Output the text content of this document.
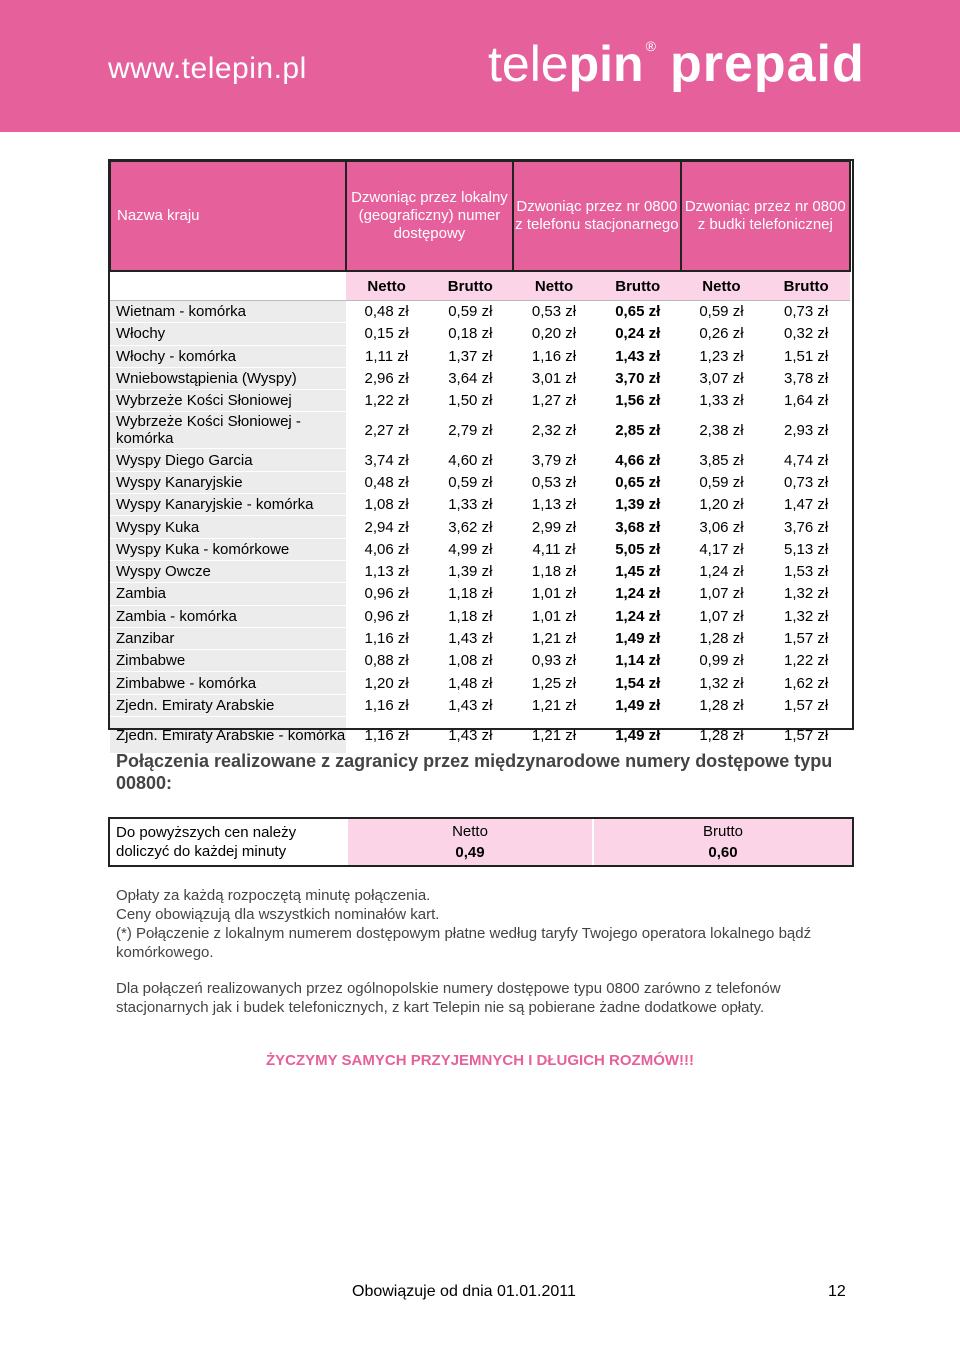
www.telepin.pl	telepin ® prepaid
Nazwa kraju	Dzwoniąc przez lokalny (geograficzny) numer dostępowy		Dzwoniąc przez nr 0800 z telefonu stacjonarnego		Dzwoniąc przez nr 0800 z budki telefonicznej	
	Netto	Brutto	Netto	Brutto	Netto	Brutto
Wietnam - komórka	0,48 zł	0,59 zł	0,53 zł	0,65 zł	0,59 zł	0,73 zł
Włochy	0,15 zł	0,18 zł	0,20 zł	0,24 zł	0,26 zł	0,32 zł
Włochy - komórka	1,11 zł	1,37 zł	1,16 zł	1,43 zł	1,23 zł	1,51 zł
Wniebowstąpienia (Wyspy)	2,96 zł	3,64 zł	3,01 zł	3,70 zł	3,07 zł	3,78 zł
Wybrzeże Kości Słoniowej	1,22 zł	1,50 zł	1,27 zł	1,56 zł	1,33 zł	1,64 zł
Wybrzeże Kości Słoniowej - komórka	2,27 zł	2,79 zł	2,32 zł	2,85 zł	2,38 zł	2,93 zł
Wyspy Diego Garcia	3,74 zł	4,60 zł	3,79 zł	4,66 zł	3,85 zł	4,74 zł
Wyspy Kanaryjskie	0,48 zł	0,59 zł	0,53 zł	0,65 zł	0,59 zł	0,73 zł
Wyspy Kanaryjskie - komórka	1,08 zł	1,33 zł	1,13 zł	1,39 zł	1,20 zł	1,47 zł
Wyspy Kuka	2,94 zł	3,62 zł	2,99 zł	3,68 zł	3,06 zł	3,76 zł
Wyspy Kuka - komórkowe	4,06 zł	4,99 zł	4,11 zł	5,05 zł	4,17 zł	5,13 zł
Wyspy Owcze	1,13 zł	1,39 zł	1,18 zł	1,45 zł	1,24 zł	1,53 zł
Zambia	0,96 zł	1,18 zł	1,01 zł	1,24 zł	1,07 zł	1,32 zł
Zambia - komórka	0,96 zł	1,18 zł	1,01 zł	1,24 zł	1,07 zł	1,32 zł
Zanzibar	1,16 zł	1,43 zł	1,21 zł	1,49 zł	1,28 zł	1,57 zł
Zimbabwe	0,88 zł	1,08 zł	0,93 zł	1,14 zł	0,99 zł	1,22 zł
Zimbabwe - komórka	1,20 zł	1,48 zł	1,25 zł	1,54 zł	1,32 zł	1,62 zł
Zjedn. Emiraty Arabskie	1,16 zł	1,43 zł	1,21 zł	1,49 zł	1,28 zł	1,57 zł
Zjedn. Emiraty Arabskie - komórka	1,16 zł	1,43 zł	1,21 zł	1,49 zł	1,28 zł	1,57 zł
Połączenia realizowane z zagranicy przez międzynarodowe numery dostępowe typu 00800:
Do powyższych cen należy
doliczyć do każdej minuty
Netto
0,49
Brutto
0,60
Opłaty za każdą rozpoczętą minutę połączenia.
Ceny obowiązują dla wszystkich nominałów kart.
(*) Połączenie z lokalnym numerem dostępowym płatne według taryfy Twojego operatora lokalnego bądź komórkowego.
Dla połączeń realizowanych przez ogólnopolskie numery dostępowe typu 0800 zarówno z telefonów stacjonarnych jak i budek telefonicznych, z kart Telepin nie są pobierane żadne dodatkowe opłaty.
ŻYCZYMY SAMYCH PRZYJEMNYCH I DŁUGICH ROZMÓW!!!
Obowiązuje od dnia 01.01.2011	12
